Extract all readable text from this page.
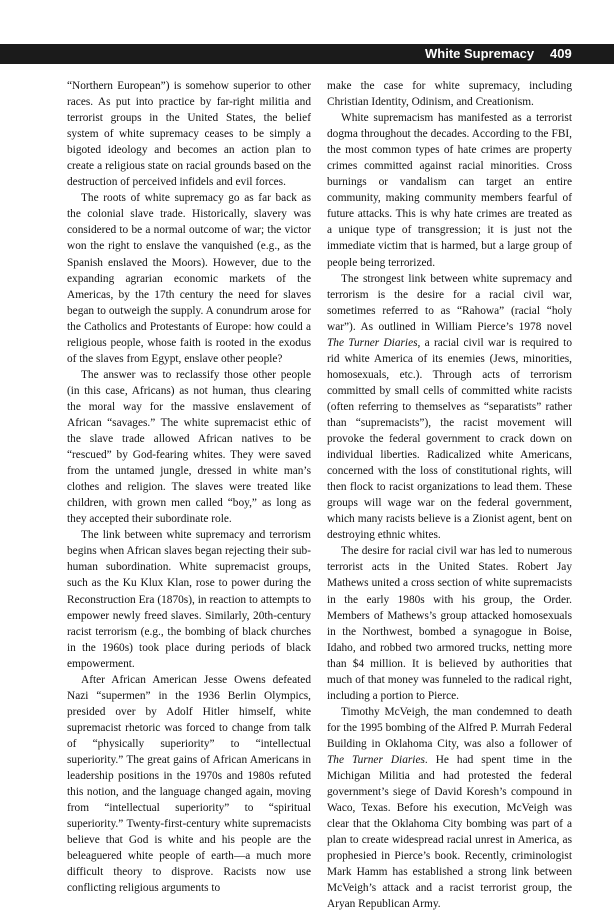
White Supremacy 409

“Northern European”) is somehow superior to other races. As put into practice by far-right militia and terrorist groups in the United States, the belief system of white supremacy ceases to be simply a bigoted ideology and becomes an action plan to create a religious state on racial grounds based on the destruction of perceived infidels and evil forces.

The roots of white supremacy go as far back as the colonial slave trade. Historically, slavery was considered to be a normal outcome of war; the victor won the right to enslave the vanquished (e.g., as the Spanish enslaved the Moors). However, due to the expanding agrarian economic markets of the Americas, by the 17th century the need for slaves began to outweigh the supply. A conundrum arose for the Catholics and Protestants of Europe: how could a religious people, whose faith is rooted in the exodus of the slaves from Egypt, enslave other people?

The answer was to reclassify those other people (in this case, Africans) as not human, thus clearing the moral way for the massive enslavement of African “savages.” The white supremacist ethic of the slave trade allowed African natives to be “rescued” by God-fearing whites. They were saved from the untamed jungle, dressed in white man’s clothes and religion. The slaves were treated like children, with grown men called “boy,” as long as they accepted their subordinate role.

The link between white supremacy and terrorism begins when African slaves began rejecting their sub-human subordination. White supremacist groups, such as the Ku Klux Klan, rose to power during the Reconstruction Era (1870s), in reaction to attempts to empower newly freed slaves. Similarly, 20th-century racist terrorism (e.g., the bombing of black churches in the 1960s) took place during periods of black empowerment.

After African American Jesse Owens defeated Nazi “supermen” in the 1936 Berlin Olympics, presided over by Adolf Hitler himself, white supremacist rhetoric was forced to change from talk of “physically superiority” to “intellectual superiority.” The great gains of African Americans in leadership positions in the 1970s and 1980s refuted this notion, and the language changed again, moving from “intellectual superiority” to “spiritual superiority.” Twenty-first-century white supremacists believe that God is white and his people are the beleaguered white people of earth—a much more difficult theory to disprove. Racists now use conflicting religious arguments to

make the case for white supremacy, including Christian Identity, Odinism, and Creationism.

White supremacism has manifested as a terrorist dogma throughout the decades. According to the FBI, the most common types of hate crimes are property crimes committed against racial minorities. Cross burnings or vandalism can target an entire community, making community members fearful of future attacks. This is why hate crimes are treated as a unique type of transgression; it is just not the immediate victim that is harmed, but a large group of people being terrorized.

The strongest link between white supremacy and terrorism is the desire for a racial civil war, sometimes referred to as “Rahowa” (racial “holy war”). As outlined in William Pierce’s 1978 novel The Turner Diaries, a racial civil war is required to rid white America of its enemies (Jews, minorities, homosexuals, etc.). Through acts of terrorism committed by small cells of committed white racists (often referring to themselves as “separatists” rather than “supremacists”), the racist movement will provoke the federal government to crack down on individual liberties. Radicalized white Americans, concerned with the loss of constitutional rights, will then flock to racist organizations to lead them. These groups will wage war on the federal government, which many racists believe is a Zionist agent, bent on destroying ethnic whites.

The desire for racial civil war has led to numerous terrorist acts in the United States. Robert Jay Mathews united a cross section of white supremacists in the early 1980s with his group, the Order. Members of Mathews’s group attacked homosexuals in the Northwest, bombed a synagogue in Boise, Idaho, and robbed two armored trucks, netting more than $4 million. It is believed by authorities that much of that money was funneled to the radical right, including a portion to Pierce.

Timothy McVeigh, the man condemned to death for the 1995 bombing of the Alfred P. Murrah Federal Building in Oklahoma City, was also a follower of The Turner Diaries. He had spent time in the Michigan Militia and had protested the federal government’s siege of David Koresh’s compound in Waco, Texas. Before his execution, McVeigh was clear that the Oklahoma City bombing was part of a plan to create widespread racial unrest in America, as prophesied in Pierce’s book. Recently, criminologist Mark Hamm has established a strong link between McVeigh’s attack and a racist terrorist group, the Aryan Republican Army.
